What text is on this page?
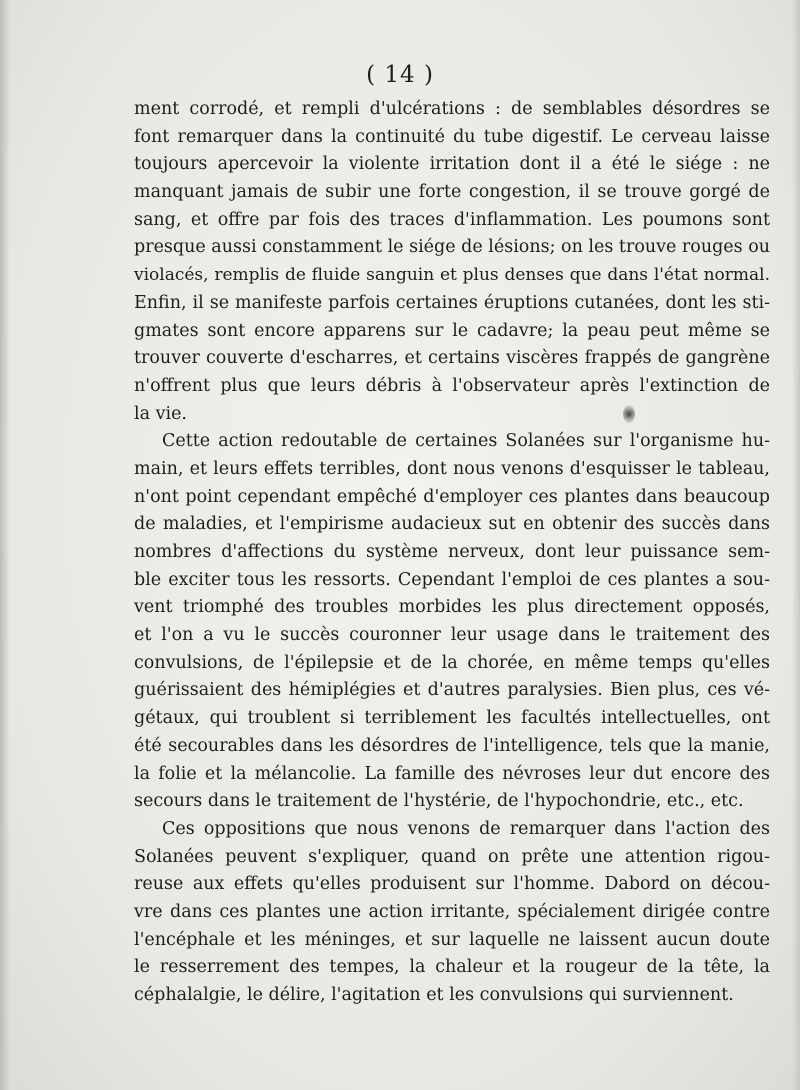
( 14 )
ment corrodé, et rempli d'ulcérations : de semblables désordres se
font remarquer dans la continuité du tube digestif. Le cerveau laisse
toujours apercevoir la violente irritation dont il a été le siége : ne
manquant jamais de subir une forte congestion, il se trouve gorgé de
sang, et offre par fois des traces d'inflammation. Les poumons sont
presque aussi constamment le siége de lésions; on les trouve rouges ou
violacés, remplis de fluide sanguin et plus denses que dans l'état normal.
Enfin, il se manifeste parfois certaines éruptions cutanées, dont les sti-
gmates sont encore apparens sur le cadavre; la peau peut même se
trouver couverte d'escharres, et certains viscères frappés de gangrène
n'offrent plus que leurs débris à l'observateur après l'extinction de
la vie.
Cette action redoutable de certaines Solanées sur l'organisme hu-
main, et leurs effets terribles, dont nous venons d'esquisser le tableau,
n'ont point cependant empêché d'employer ces plantes dans beaucoup
de maladies, et l'empirisme audacieux sut en obtenir des succès dans
nombres d'affections du système nerveux, dont leur puissance sem-
ble exciter tous les ressorts. Cependant l'emploi de ces plantes a sou-
vent triomphé des troubles morbides les plus directement opposés,
et l'on a vu le succès couronner leur usage dans le traitement des
convulsions, de l'épilepsie et de la chorée, en même temps qu'elles
guérissaient des hémiplégies et d'autres paralysies. Bien plus, ces vé-
gétaux, qui troublent si terriblement les facultés intellectuelles, ont
été secourables dans les désordres de l'intelligence, tels que la manie,
la folie et la mélancolie. La famille des névroses leur dut encore des
secours dans le traitement de l'hystérie, de l'hypochondrie, etc., etc.
Ces oppositions que nous venons de remarquer dans l'action des
Solanées peuvent s'expliquer, quand on prête une attention rigou-
reuse aux effets qu'elles produisent sur l'homme. Dabord on décou-
vre dans ces plantes une action irritante, spécialement dirigée contre
l'encéphale et les méninges, et sur laquelle ne laissent aucun doute
le resserrement des tempes, la chaleur et la rougeur de la tête, la
céphalalgie, le délire, l'agitation et les convulsions qui surviennent.
